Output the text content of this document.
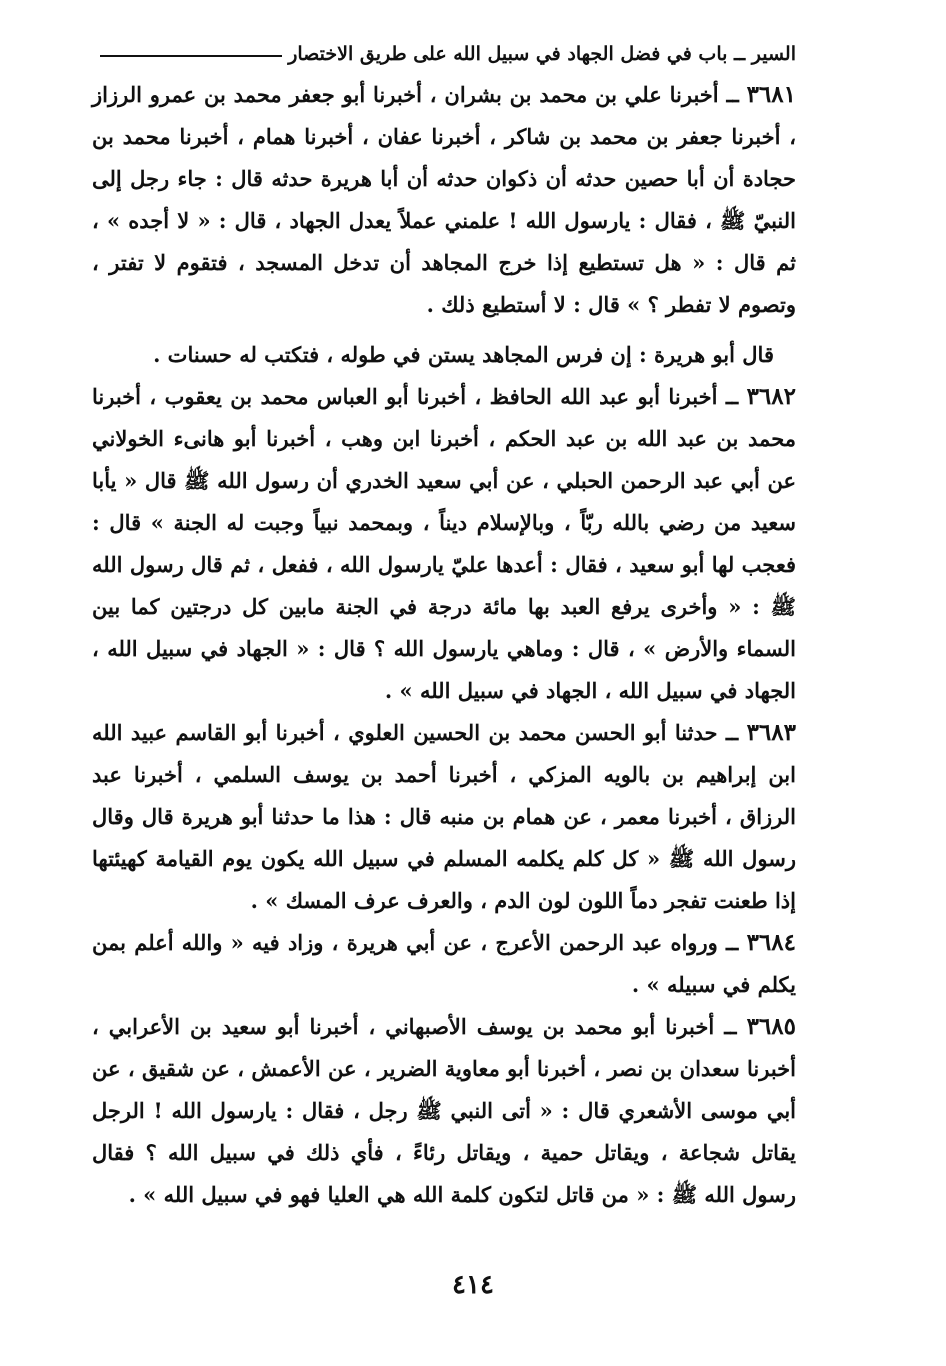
السير ــ باب في فضل الجهاد في سبيل الله على طريق الاختصار

٣٦٨١ ــ أخبرنا علي بن محمد بن بشران ، أخبرنا أبو جعفر محمد بن عمرو الرزاز ، أخبرنا جعفر بن محمد بن شاكر ، أخبرنا عفان ، أخبرنا همام ، أخبرنا محمد بن حجادة أن أبا حصين حدثه أن ذكوان حدثه أن أبا هريرة حدثه قال : جاء رجل إلى النبيّ ﷺ ، فقال : يارسول الله ! علمني عملاً يعدل الجهاد ، قال : « لا أجده » ، ثم قال : « هل تستطيع إذا خرج المجاهد أن تدخل المسجد ، فتقوم لا تفتر ، وتصوم لا تفطر ؟ » قال : لا أستطيع ذلك .

قال أبو هريرة : إن فرس المجاهد يستن في طوله ، فتكتب له حسنات .

٣٦٨٢ ــ أخبرنا أبو عبد الله الحافظ ، أخبرنا أبو العباس محمد بن يعقوب ، أخبرنا محمد بن عبد الله بن عبد الحكم ، أخبرنا ابن وهب ، أخبرنا أبو هانىء الخولاني عن أبي عبد الرحمن الحبلي ، عن أبي سعيد الخدري أن رسول الله ﷺ قال « يأبا سعيد من رضي بالله ربّاً ، وبالإسلام ديناً ، وبمحمد نبياً وجبت له الجنة » قال : فعجب لها أبو سعيد ، فقال : أعدها عليّ يارسول الله ، ففعل ، ثم قال رسول الله ﷺ : « وأخرى يرفع العبد بها مائة درجة في الجنة مابين كل درجتين كما بين السماء والأرض » ، قال : وماهي يارسول الله ؟ قال : « الجهاد في سبيل الله ، الجهاد في سبيل الله ، الجهاد في سبيل الله » .

٣٦٨٣ ــ حدثنا أبو الحسن محمد بن الحسين العلوي ، أخبرنا أبو القاسم عبيد الله ابن إبراهيم بن بالويه المزكي ، أخبرنا أحمد بن يوسف السلمي ، أخبرنا عبد الرزاق ، أخبرنا معمر ، عن همام بن منبه قال : هذا ما حدثنا أبو هريرة قال وقال رسول الله ﷺ « كل كلم يكلمه المسلم في سبيل الله يكون يوم القيامة كهيئتها إذا طعنت تفجر دماً اللون لون الدم ، والعرف عرف المسك » .

٣٦٨٤ ــ ورواه عبد الرحمن الأعرج ، عن أبي هريرة ، وزاد فيه « والله أعلم بمن يكلم في سبيله » .

٣٦٨٥ ــ أخبرنا أبو محمد بن يوسف الأصبهاني ، أخبرنا أبو سعيد بن الأعرابي ، أخبرنا سعدان بن نصر ، أخبرنا أبو معاوية الضرير ، عن الأعمش ، عن شقيق ، عن أبي موسى الأشعري قال : « أتى النبي ﷺ رجل ، فقال : يارسول الله ! الرجل يقاتل شجاعة ، ويقاتل حمية ، ويقاتل رئاءً ، فأي ذلك في سبيل الله ؟ فقال رسول الله ﷺ : « من قاتل لتكون كلمة الله هي العليا فهو في سبيل الله » .

٤١٤
